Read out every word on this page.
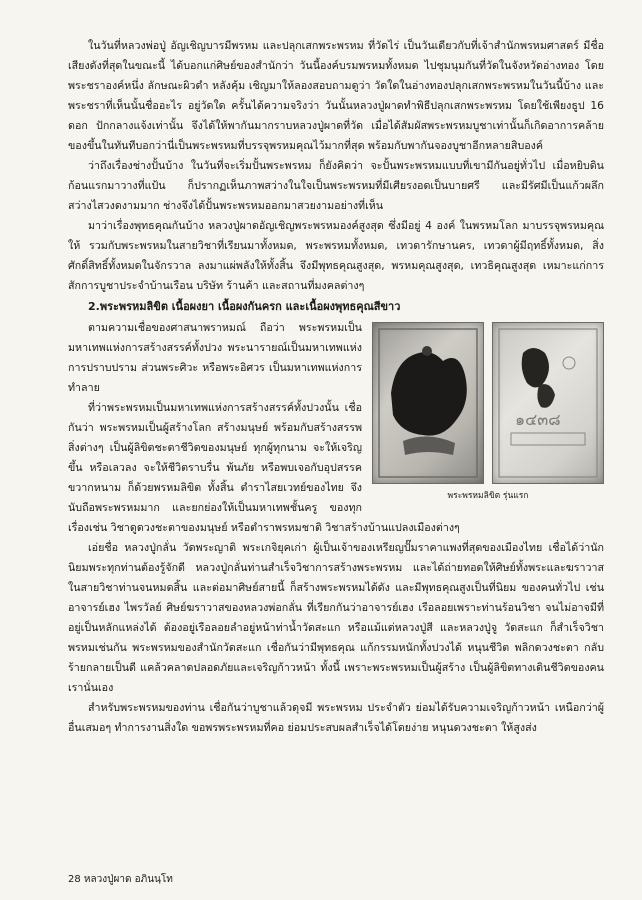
ในวันที่หลวงพ่อปู่ อัญเชิญบารมีพรหม และปลุกเสกพระพรหม ที่วัดไร่ เป็นวันเดียวกับที่เจ้าสำนักพรหมศาสตร์ มีชื่อเสียงดังที่สุดในขณะนี้ ได้บอกแก่ศิษย์ของสำนักว่า วันนี้องค์บรมพรหมทั้งหมด ไปชุมนุมกันที่วัดในจังหวัดอ่างทอง โดยพระชราองค์หนึ่ง ลักษณะผิวดำ หลังคุ้ม เชิญมาให้ลองสอบถามดูว่า วัดใดในอ่างทองปลุกเสกพระพรหมในวันนี้บ้าง และพระชราที่เห็นนั้นชื่ออะไร อยู่วัดใด ครั้นได้ความจริงว่า วันนั้นหลวงปู่ผาดทำพิธีปลุกเสกพระพรหม โดยใช้เพียงธูป 16 ดอก ปักกลางแจ้งเท่านั้น จึงได้ให้พากันมากราบหลวงปู่ผาดที่วัด เมื่อได้สัมผัสพระพรหมบูชาเท่านั้นก็เกิดอาการคล้ายของขึ้นในทันทีบอกว่านี่เป็นพระพรหมที่บรรจุพรหมคุณไว้มากที่สุด พร้อมกับพากันจองบูชาอีกหลายสิบองค์

ว่าถึงเรื่องช่างปั้นบ้าง ในวันที่จะเริ่มปั้นพระพรหม ก็ยังคิดว่า จะปั้นพระพรหมแบบที่เขามีกันอยู่ทั่วไป เมื่อหยิบดินก้อนแรกมาวางที่แป้น ก็ปรากฏเห็นภาพสว่างในใจเป็นพระพรหมที่มีเศียรงอดเป็นบายศรี และมีรัศมีเป็นแก้วผลึกสว่างไสวงดงามมาก ช่างจึงได้ปั้นพระพรหมออกมาสวยงามอย่างที่เห็น

มาว่าเรื่องพุทธคุณกันบ้าง หลวงปู่ผาดอัญเชิญพระพรหมองค์สูงสุด ซึ่งมีอยู่ 4 องค์ ในพรหมโลก มาบรรจุพรหมคุณให้ รวมกับพระพรหมในสายวิชาที่เรียนมาทั้งหมด, พระพรหมทั้งหมด, เทวดารักษานคร, เทวดาผู้มีฤทธิ์ทั้งหมด, สิ่งศักดิ์สิทธิ์ทั้งหมดในจักรวาล ลงมาแผ่พลังให้ทั้งสิ้น จึงมีพุทธคุณสูงสุด, พรหมคุณสูงสุด, เทวธิคุณสูงสุด เหมาะแก่การสักการบูชาประจำบ้านเรือน บริษัท ร้านค้า และสถานที่มงคลต่างๆ

2.พระพรหมลิขิต เนื้อผงยา เนื้อผงกันครก และเนื้อผงพุทธคุณสีขาว

๑๔๓๘
พระพรหมลิขิต รุ่นแรก

ตามความเชื่อของศาสนาพราหมณ์ ถือว่า พระพรหมเป็นมหาเทพแห่งการสร้างสรรค์ทั้งปวง พระนารายณ์เป็นมหาเทพแห่งการปราบปราม ส่วนพระศิวะ หรือพระอิศวร เป็นมหาเทพแห่งการทำลาย

ที่ว่าพระพรหมเป็นมหาเทพแห่งการสร้างสรรค์ทั้งปวงนั้น เชื่อกันว่า พระพรหมเป็นผู้สร้างโลก สร้างมนุษย์ พร้อมกับสร้างสรรพสิ่งต่างๆ เป็นผู้ลิขิตชะตาชีวิตของมนุษย์ ทุกผู้ทุกนาม จะให้เจริญขึ้น หรือเลวลง จะให้ชีวิตราบรื่น พ้นภัย หรือพบเจอกับอุปสรรคขวากหนาม ก็ด้วยพรหมลิขิต ทั้งสิ้น ตำราไสยเวทย์ของไทย จึงนับถือพระพรหมมาก และยกย่องให้เป็นมหาเทพชั้นครู ของทุกเรื่องเช่น วิชาดูดวงชะตาของมนุษย์ หรือตำราพรหมชาติ วิชาสร้างบ้านแปลงเมืองต่างๆ

เอ่ยชื่อ หลวงปู่กลั่น วัดพระญาติ พระเกจิยุคเก่า ผู้เป็นเจ้าของเหรียญปั๊มราคาแพงที่สุดของเมืองไทย เชื่อได้ว่านักนิยมพระทุกท่านต้องรู้จักดี หลวงปู่กลั่นท่านสำเร็จวิชาการสร้างพระพรหม และได้ถ่ายทอดให้ศิษย์ทั้งพระและฆราวาส ในสายวิชาท่านจนหมดสิ้น และต่อมาศิษย์สายนี้ ก็สร้างพระพรหมได้ดัง และมีพุทธคุณสูงเป็นที่นิยม ของคนทั่วไป เช่น อาจารย์เฮง ไพรวัลย์ ศิษย์ฆราวาสของหลวงพ่อกลั่น ที่เรียกกันว่าอาจารย์เฮง เรือลอยเพราะท่านร้อนวิชา จนไม่อาจมีที่อยู่เป็นหลักแหล่งได้ ต้องอยู่เรือลอยลำอยู่หน้าท่าน้ำวัดสะแก หรือแม้แต่หลวงปู่สี และหลวงปู่จู วัดสะแก ก็สำเร็จวิชาพรหมเช่นกัน พระพรหมของสำนักวัดสะแก เชื่อกันว่ามีพุทธคุณ แก้กรรมหนักทั้งปวงได้ หนุนชีวิต พลิกดวงชะตา กลับร้ายกลายเป็นดี แคล้วคลาดปลอดภัยและเจริญก้าวหน้า ทั้งนี้ เพราะพระพรหมเป็นผู้สร้าง เป็นผู้ลิขิตทางเดินชีวิตของคนเรานั่นเอง

สำหรับพระพรหมของท่าน เชื่อกันว่าบูชาแล้วดุจมี พระพรหม ประจำตัว ย่อมได้รับความเจริญก้าวหน้า เหนือกว่าผู้อื่นเสมอๆ ทำการงานสิ่งใด ขอพรพระพรหมที่คอ ย่อมประสบผลสำเร็จได้โดยง่าย หนุนดวงชะตา ให้สูงส่ง

28 หลวงปู่ผาด อภินนฺโท
